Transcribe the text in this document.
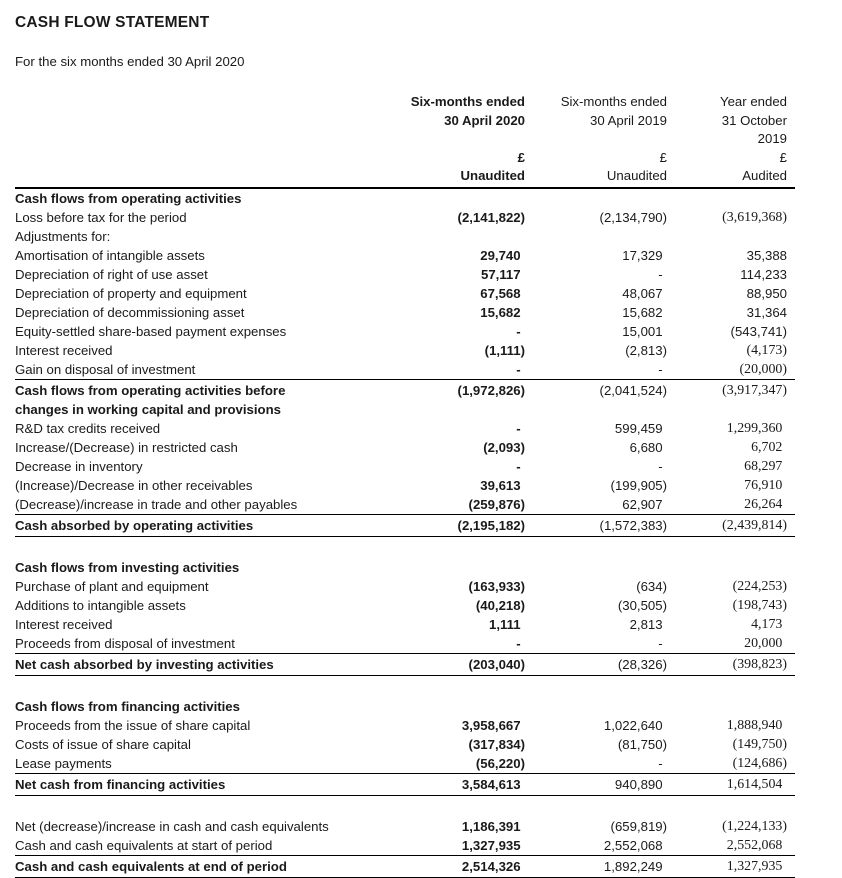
CASH FLOW STATEMENT

For the six months ended 30 April 2020

Six-months ended	Six-months ended	Year ended
30 April 2020	30 April 2019	31 October
2019
£	£	£
Unaudited	Unaudited	Audited
Cash flows from operating activities
Loss before tax for the period	(2,141,822)	(2,134,790)	(3,619,368)
Adjustments for:
Amortisation of intangible assets	29,740	17,329	35,388
Depreciation of right of use asset	57,117	-	114,233
Depreciation of property and equipment	67,568	48,067	88,950
Depreciation of decommissioning asset	15,682	15,682	31,364
Equity-settled share-based payment expenses	-	15,001	(543,741)
Interest received	(1,111)	(2,813)	(4,173)
Gain on disposal of investment	-	-	(20,000)
Cash flows from operating activities before
changes in working capital and provisions
(1,972,826)	(2,041,524)	(3,917,347)
R&D tax credits received	-	599,459	1,299,360
Increase/(Decrease) in restricted cash	(2,093)	6,680	6,702
Decrease in inventory	-	-	68,297
(Increase)/Decrease in other receivables	39,613	(199,905)	76,910
(Decrease)/increase in trade and other payables	(259,876)	62,907	26,264
Cash absorbed by operating activities	(2,195,182)	(1,572,383)	(2,439,814)
Cash flows from investing activities
Purchase of plant and equipment	(163,933)	(634)	(224,253)
Additions to intangible assets	(40,218)	(30,505)	(198,743)
Interest received	1,111	2,813	4,173
Proceeds from disposal of investment	-	-	20,000
Net cash absorbed by investing activities	(203,040)	(28,326)	(398,823)
Cash flows from financing activities
Proceeds from the issue of share capital	3,958,667	1,022,640	1,888,940
Costs of issue of share capital	(317,834)	(81,750)	(149,750)
Lease payments	(56,220)	-	(124,686)
Net cash from financing activities	3,584,613	940,890	1,614,504
Net (decrease)/increase in cash and cash equivalents	1,186,391	(659,819)	(1,224,133)
Cash and cash equivalents at start of period	1,327,935	2,552,068	2,552,068
Cash and cash equivalents at end of period	2,514,326	1,892,249	1,327,935
